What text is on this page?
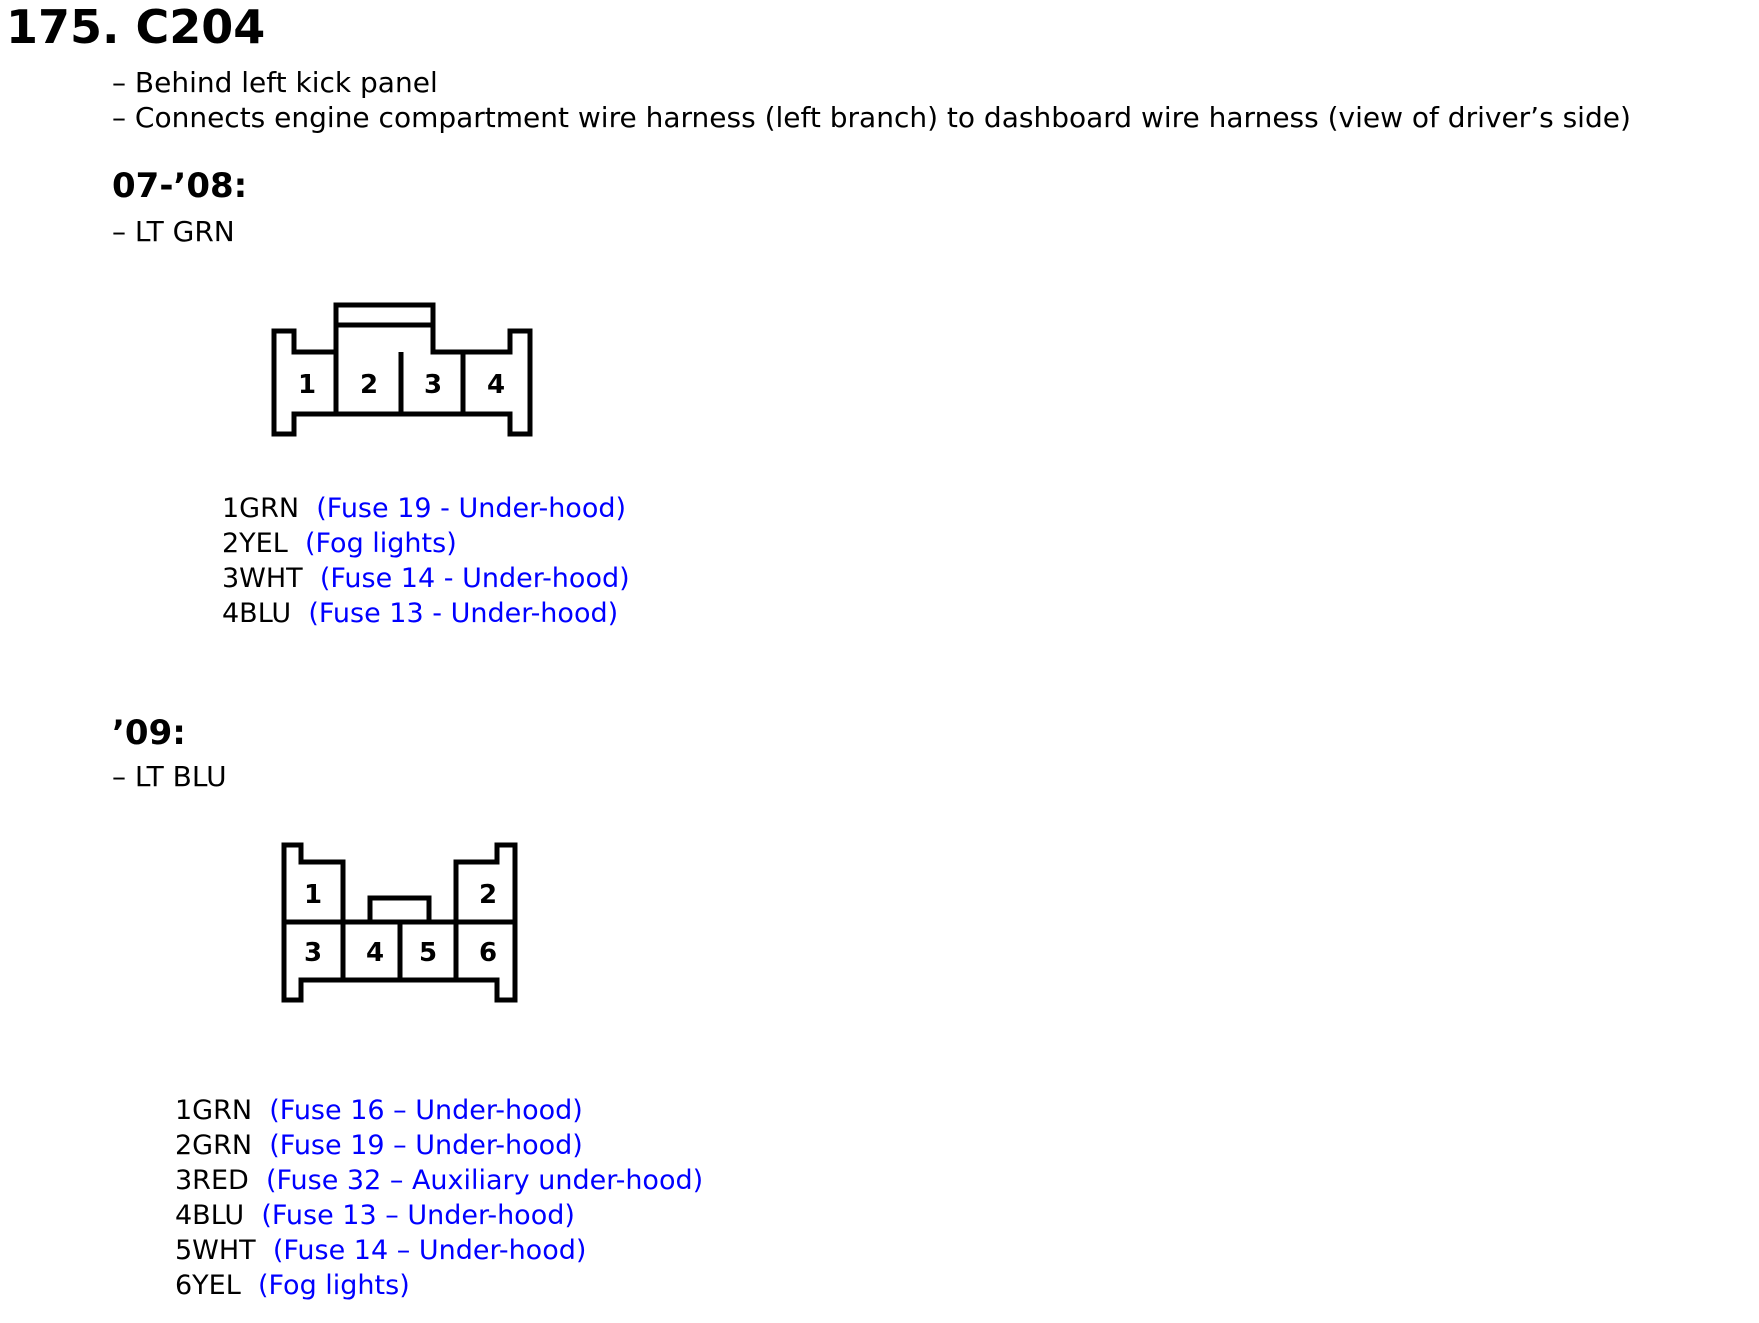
175. C204
– Behind left kick panel
– Connects engine compartment wire harness (left branch) to dashboard wire harness (view of driver’s side)
07-’08:
– LT GRN
1 2 3 4
1GRN (Fuse 19 - Under-hood)
2YEL (Fog lights)
3WHT (Fuse 14 - Under-hood)
4BLU (Fuse 13 - Under-hood)
’09:
– LT BLU
1	2
3 4 5 6
1GRN (Fuse 16 – Under-hood)
2GRN (Fuse 19 – Under-hood)
3RED (Fuse 32 – Auxiliary under-hood)
4BLU (Fuse 13 – Under-hood)
5WHT (Fuse 14 – Under-hood)
6YEL (Fog lights)
